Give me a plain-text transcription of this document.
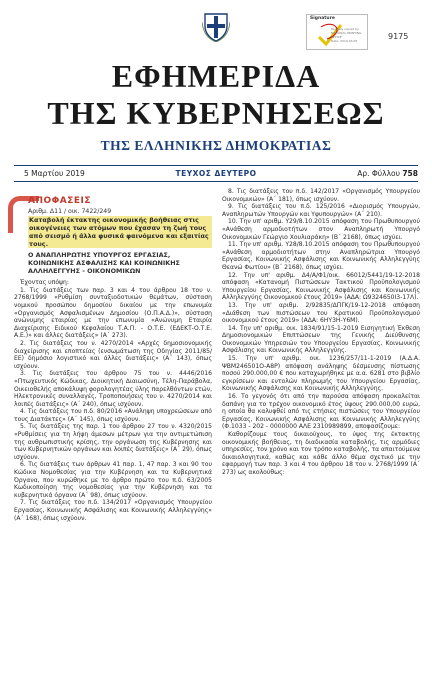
Signature
Digitally signed by
NATIONAL PRINTING
OFFICE
Date: 2019.03.05	9175
ΕΦΗΜΕΡΙΔΑ
ΤΗΣ ΚΥΒΕΡΝΗΣΕΩΣ
ΤΗΣ ΕΛΛΗΝΙΚΗΣ ΔΗΜΟΚΡΑΤΙΑΣ
5 Μαρτίου 2019	ΤΕΥΧΟΣ ΔΕΥΤΕΡΟ	Αρ. Φύλλου 758
ΑΠΟΦΑΣΕΙΣ
Αριθμ. Δ11 / οικ. 7422/249
Καταβολή έκτακτης οικονομικής βοήθειας στις οικογένειες των ατόμων που έχασαν τη ζωή τους από σεισμό ή άλλα φυσικά φαινόμενα και εξαιτίας τους.
Ο ΑΝΑΠΛΗΡΩΤΗΣ ΥΠΟΥΡΓΟΣ ΕΡΓΑΣΙΑΣ, ΚΟΙΝΩΝΙΚΗΣ ΑΣΦΑΛΙΣΗΣ ΚΑΙ ΚΟΙΝΩΝΙΚΗΣ ΑΛΛΗΛΕΓΓΥΗΣ - ΟΙΚΟΝΟΜΙΚΩΝ

Έχοντας υπόψη:

1. Τις διατάξεις των παρ. 3 και 4 του άρθρου 18 του ν. 2768/1999 «Ρυθμίση συνταξιοδοτικών θεμάτων, σύσταση νομικού προσώπου δημοσίου δικαίου με την επωνυμία «Οργανισμός Ασφαλισμένων Δημοσίου (Ο.Π.Α.Δ.)», σύσταση ανώνυμης εταιρίας με την επωνυμία «Ανώνυμη Εταιρία Διαχείρισης Ειδικού Κεφαλαίου Τ.Α.Π. - Ο.Τ.Ε. (ΕΔΕΚΤ-Ο.Τ.Ε. Α.Ε.)» και άλλες διατάξεις» (Α΄ 273).

2. Τις διατάξεις του ν. 4270/2014 «Αρχές δημοσιονομικής διαχείρισης και εποπτείας (ενσωμάτωση της Οδηγίας 2011/85/ΕΕ) δημόσιο λογιστικό και άλλες διατάξεις» (Α΄ 143), όπως ισχύουν.

3. Τις διατάξεις του άρθρου 75 του ν. 4446/2016 «Πτωχευτικός Κώδικας, Διοικητική Διαιωσύνη, Τέλη-Παράβολα, Οικειοθελής αποκάλυψη φορολογητέας ύλης παρελθόντων ετών, Ηλεκτρονικές συναλλαγές, Τροποποιήσεις του ν. 4270/2014 και λοιπές διατάξεις» (Α΄ 240), όπως ισχύουν.

4. Τις διατάξεις του π.δ. 80/2016 «Ανάληψη υποχρεώσεων από τους Διατάκτες» (Α΄ 145), όπως ισχύουν.

5. Τις διατάξεις της παρ. 1 του άρθρου 27 του ν. 4320/2015 «Ρυθμίσεις για τη λήψη άμεσων μέτρων για την αντιμετώπιση της ανθρωπιστικής κρίσης, την οργάνωση της Κυβέρνησης και των Κυβερνητικών οργάνων και λοιπές διατάξεις» (Α΄ 29), όπως ισχύουν.

6. Τις διατάξεις των άρθρων 41 παρ. 1, 47 παρ. 3 και 90 του Κώδικα Νομοθεσίας για την Κυβέρνηση και τα Κυβερνητικά Όργανα, που κυρώθηκε με το άρθρο πρώτο του π.δ. 63/2005 Κωδικοποίηση της νομοθεσίας για την Κυβέρνηση και τα κυβερνητικά όργανα (Α΄ 98), όπως ισχύουν.

7. Τις διατάξεις του π.δ. 134/2017 «Οργανισμός Υπουργείου Εργασίας, Κοινωνικής Ασφάλισης και Κοινωνικής Αλληλεγγύης» (Α΄ 168), όπως ισχύουν.

8. Τις διατάξεις του π.δ. 142/2017 «Οργανισμός Υπουργείου Οικονομικών» (Α΄ 181), όπως ισχύουν.

9. Τις διατάξεις του π.δ. 125/2016 «Διορισμός Υπουργών, Αναπληρωτών Υπουργών και Υφυπουργών» (Α΄ 210).

10. Την υπ' αριθμ. Υ29/8.10.2015 απόφαση του Πρωθυπουργού «Ανάθεση αρμοδιοτήτων στον Αναπληρωτή Υπουργό Οικονομικών Γεώργιο Χουλιαράκη» (Β΄ 2168), όπως ισχύει.

11. Την υπ' αριθμ. Υ28/8.10.2015 απόφαση του Πρωθυπουργού «Ανάθεση αρμοδιοτήτων στην Αναπληρώτρια Υπουργό Εργασίας, Κοινωνικής Ασφάλισης και Κοινωνικής Αλληλεγγύης Θεανώ Φωτίου» (Β΄ 2168), όπως ισχύει.

12. Την υπ' αριθμ. Δ4/Α/Φ1/οικ. 66012/5441/19-12-2018 απόφαση «Κατανομή Πιστώσεων Τακτικού Προϋπολογισμού Υπουργείου Εργασίας, Κοινωνικής Ασφάλισης και Κοινωνικής Αλληλεγγύης Οικονομικού έτους 2019» (ΑΔΑ: Ω9324650Ι3-17Λ).

13. Την υπ' αριθμ. 2/92835/ΔΠΓΚ/19-12-2018 απόφαση «Διάθεση των πιστώσεων του Κρατικού Προϋπολογισμού οικονομικού έτους 2019» (ΑΔΑ: 6ΗΥ3Η-Υ6Μ).

14. Την υπ' αριθμ. οικ. 1834/91/15-1-2019 Εισηγητική Έκθεση Δημοσιονομικών Επιπτώσεων της Γενικής Διεύθυνσης Οικονομικών Υπηρεσιών του Υπουργείου Εργασίας, Κοινωνικής Ασφάλισης και Κοινωνικής Αλληλεγγύης.

15. Την υπ' αριθμ. οικ. 1236/257/11-1-2019 (Α.Δ.Α. ΨΒΜ246501Ο-Α8Ρ) απόφαση ανάληψης δέσμευσης πίστωσης ποσού 290.000,00 € που καταχωρήθηκε με α.α. 6281 στο βιβλίο εγκρίσεων και εντολών πληρωμής του Υπουργείου Εργασίας, Κοινωνικής Ασφάλισης και Κοινωνικής Αλληλεγγύης.

16. Το γεγονός ότι από την παρούσα απόφαση προκαλείται δαπάνη για το τρέχον οικονομικό έτος ύψους 290.000,00 ευρώ, η οποία θα καλυφθεί από τις ετήσιες πιστώσεις του Υπουργείου Εργασίας, Κοινωνικής Ασφάλισης και Κοινωνικής Αλληλεγγύης (Φ.1033 - 202 - 0000000 ΑΛΕ 2310989899, αποφασίζουμε:

Καθορίζουμε τους δικαιούχους, το ύψος της έκτακτης οικονομικής βοήθειας, τη διαδικασία καταβολής, τις αρμόδιες υπηρεσίες, τον χρόνο και τον τρόπο καταβολής, τα απαιτούμενα δικαιολογητικά, καθώς και κάθε άλλο θέμα σχετικό με την εφαρμογή των παρ. 3 και 4 του άρθρου 18 του ν. 2768/1999 (Α΄ 273) ως ακολούθως:
